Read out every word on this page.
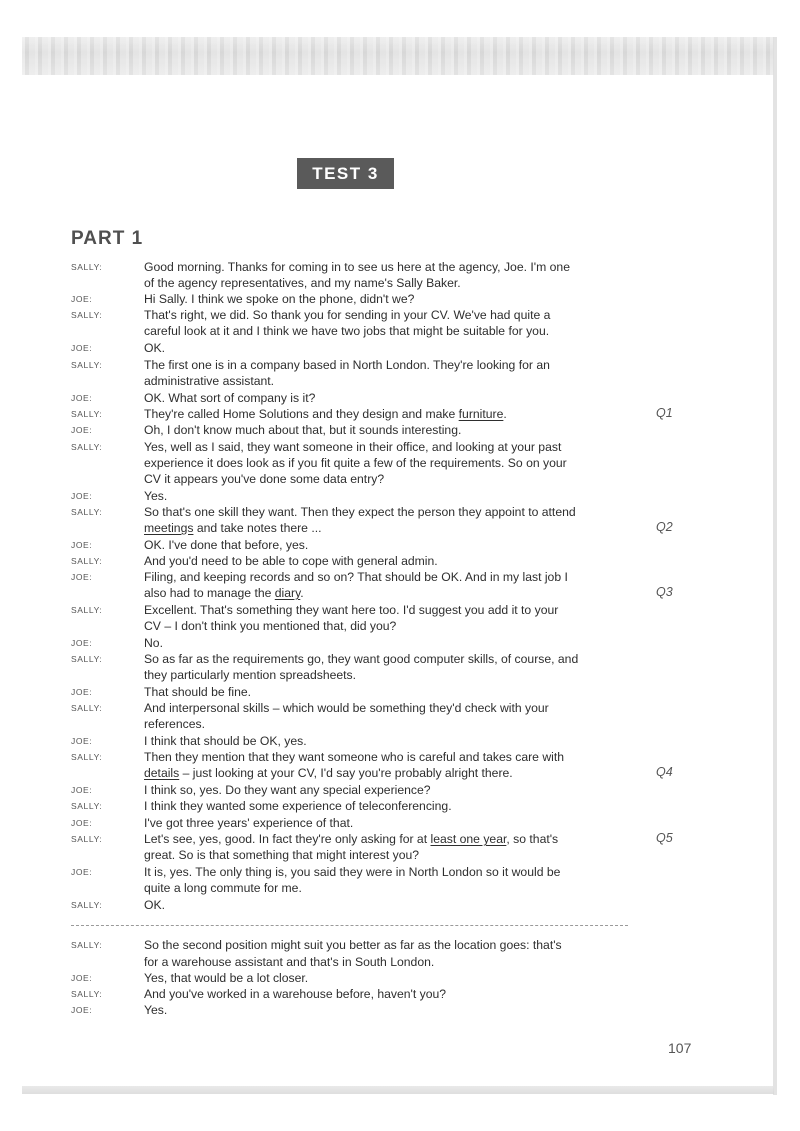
TEST 3
PART 1
SALLY:	Good morning. Thanks for coming in to see us here at the agency, Joe. I'm one
of the agency representatives, and my name's Sally Baker.
JOE:	Hi Sally. I think we spoke on the phone, didn't we?
SALLY:	That's right, we did. So thank you for sending in your CV. We've had quite a
careful look at it and I think we have two jobs that might be suitable for you.
JOE:	OK.
SALLY:	The first one is in a company based in North London. They're looking for an
administrative assistant.
JOE:	OK. What sort of company is it?
SALLY:	They're called Home Solutions and they design and make furniture.	Q1
JOE:	Oh, I don't know much about that, but it sounds interesting.
SALLY:	Yes, well as I said, they want someone in their office, and looking at your past
experience it does look as if you fit quite a few of the requirements. So on your
CV it appears you've done some data entry?
JOE:	Yes.
SALLY:	So that's one skill they want. Then they expect the person they appoint to attend
meetings and take notes there ...	Q2
JOE:	OK. I've done that before, yes.
SALLY:	And you'd need to be able to cope with general admin.
JOE:	Filing, and keeping records and so on? That should be OK. And in my last job I
also had to manage the diary.	Q3
SALLY:	Excellent. That's something they want here too. I'd suggest you add it to your
CV – I don't think you mentioned that, did you?
JOE:	No.
SALLY:	So as far as the requirements go, they want good computer skills, of course, and
they particularly mention spreadsheets.
JOE:	That should be fine.
SALLY:	And interpersonal skills – which would be something they'd check with your
references.
JOE:	I think that should be OK, yes.
SALLY:	Then they mention that they want someone who is careful and takes care with
details – just looking at your CV, I'd say you're probably alright there.	Q4
JOE:	I think so, yes. Do they want any special experience?
SALLY:	I think they wanted some experience of teleconferencing.
JOE:	I've got three years' experience of that.
SALLY:	Let's see, yes, good. In fact they're only asking for at least one year, so that's	Q5
great. So is that something that might interest you?
JOE:	It is, yes. The only thing is, you said they were in North London so it would be
quite a long commute for me.
SALLY:	OK.
SALLY:	So the second position might suit you better as far as the location goes: that's
for a warehouse assistant and that's in South London.
JOE:	Yes, that would be a lot closer.
SALLY:	And you've worked in a warehouse before, haven't you?
JOE:	Yes.
107
